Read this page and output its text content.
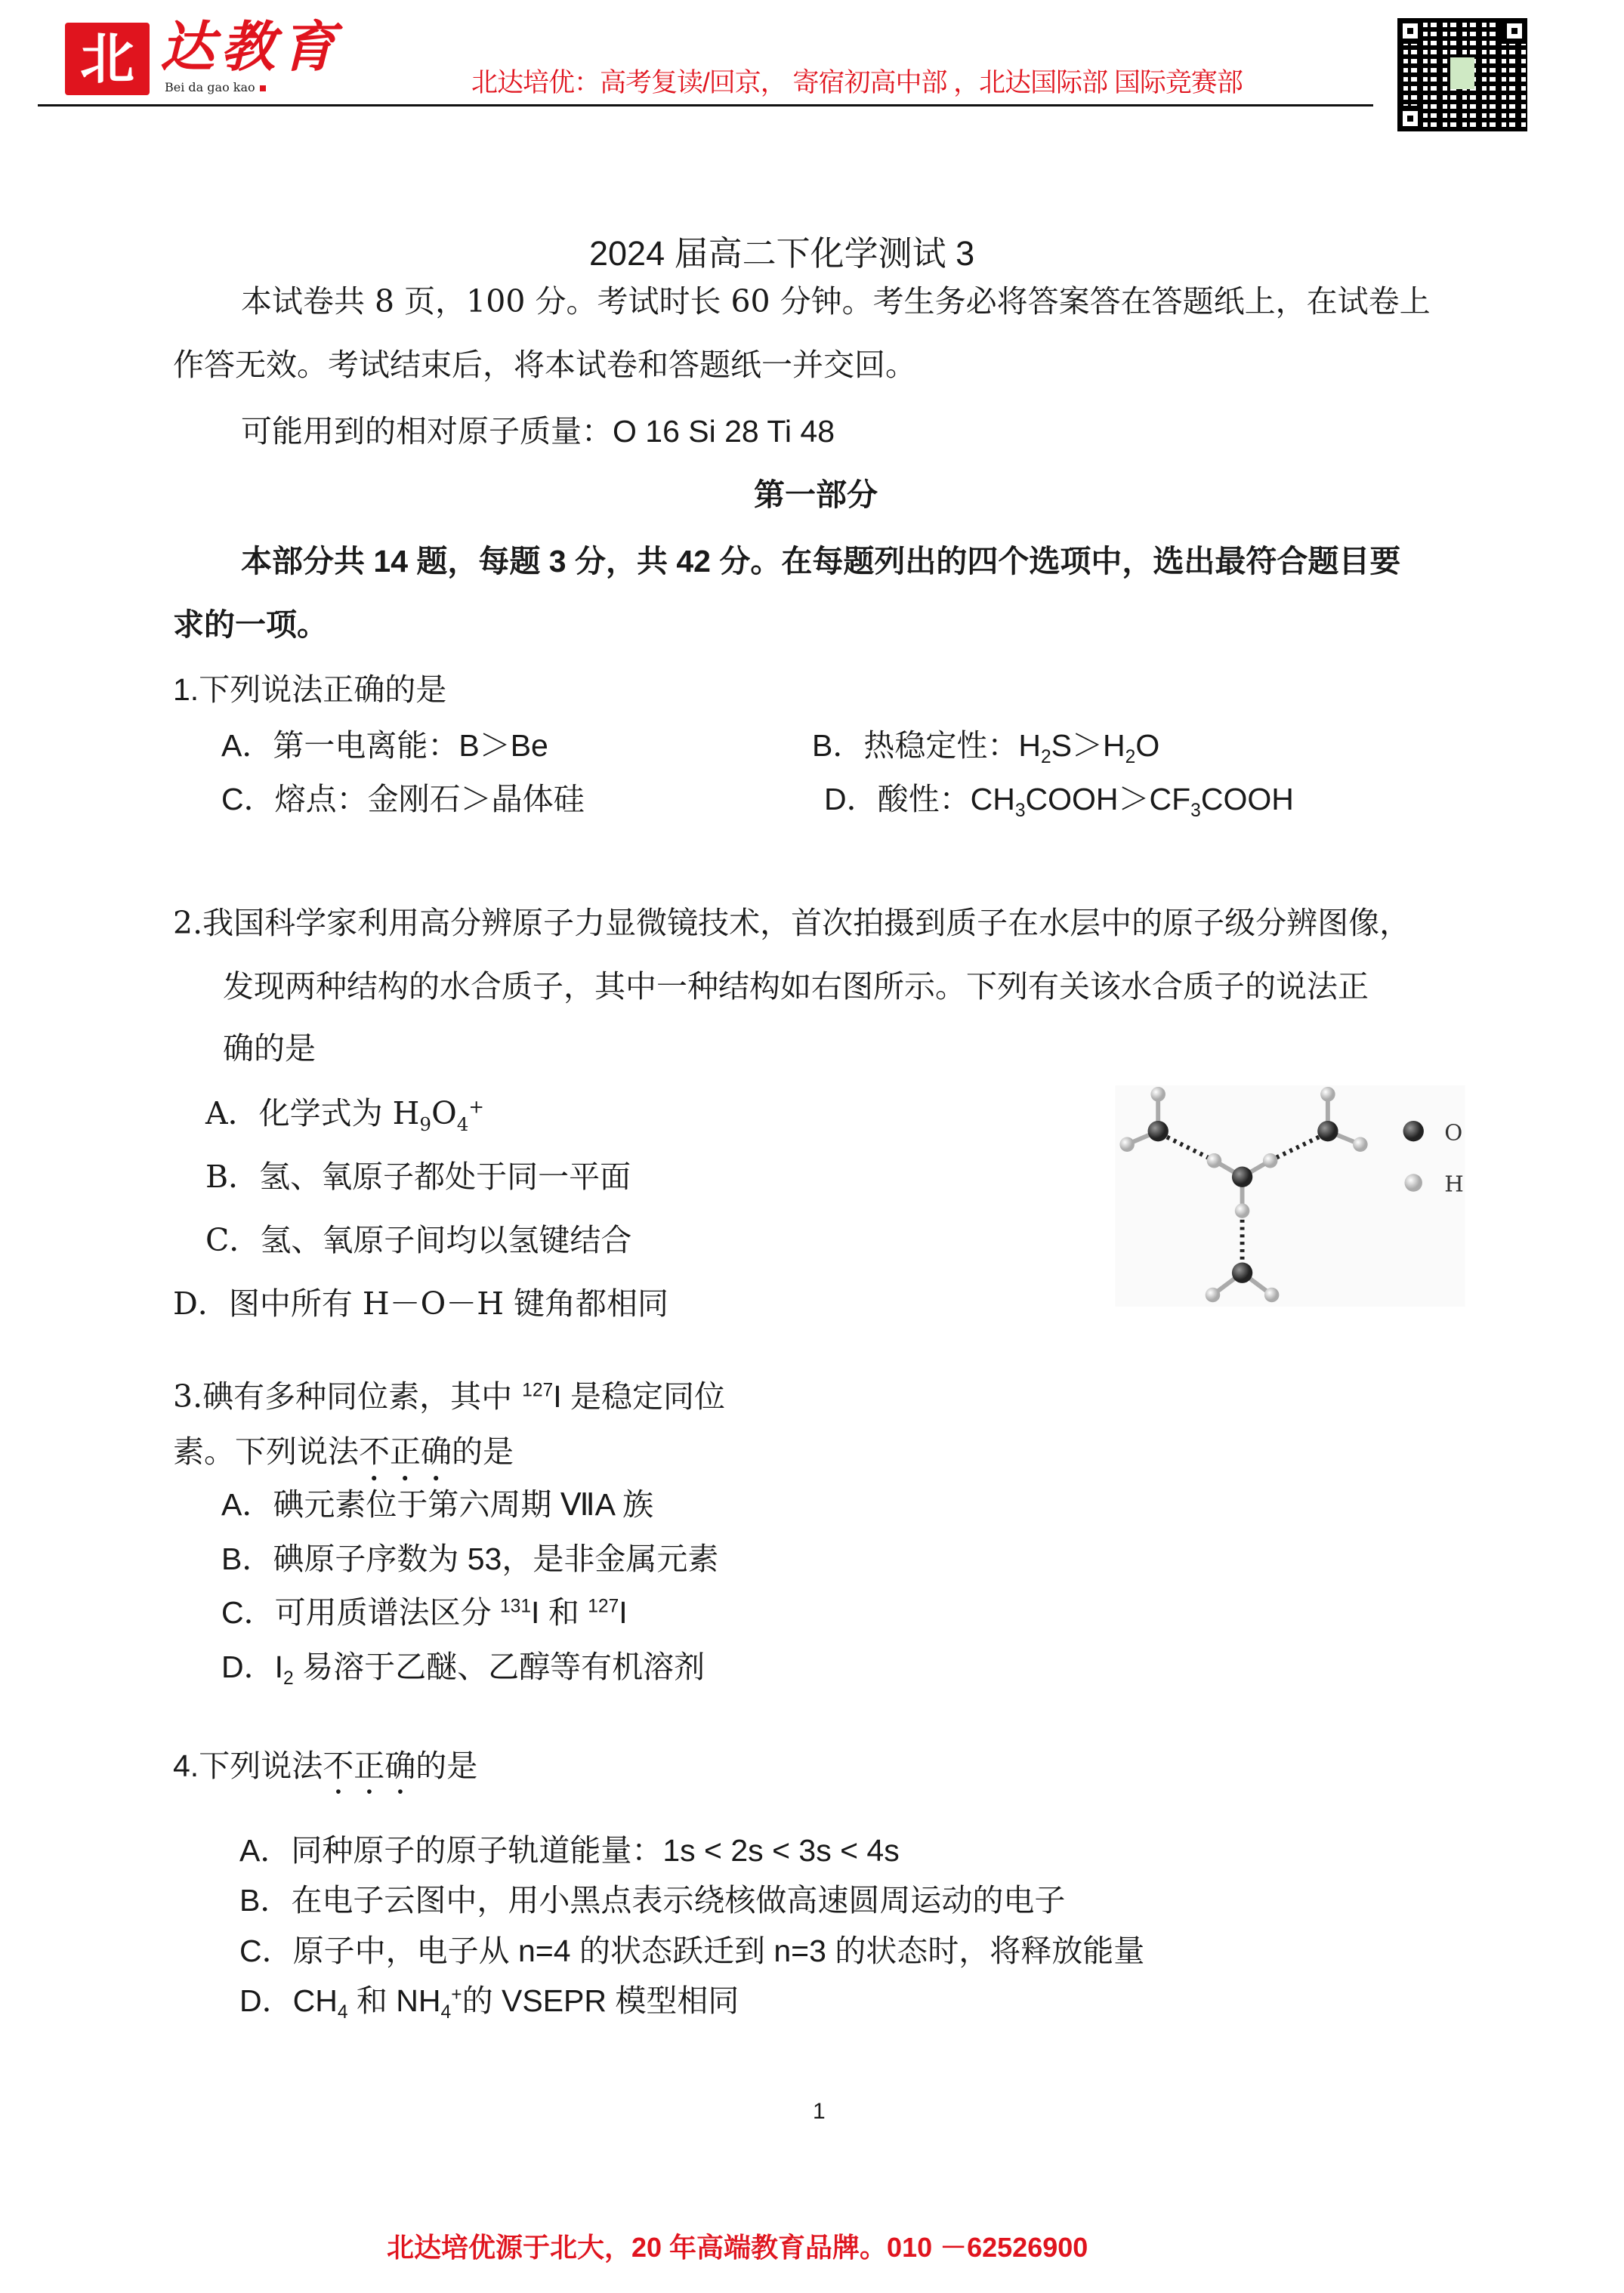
北 达教育
Bei da gao kao	北达培优：高考复读/回京， 寄宿初高中部 ，北达国际部 国际竞赛部
2024 届高二下化学测试 3
本试卷共 8 页，100 分。考试时长 60 分钟。考生务必将答案答在答题纸上，在试卷上
作答无效。考试结束后，将本试卷和答题纸一并交回。
可能用到的相对原子质量：O 16 Si 28 Ti 48
第一部分
本部分共 14 题，每题 3 分，共 42 分。在每题列出的四个选项中，选出最符合题目要
求的一项。
1.下列说法正确的是
A．第一电离能：B＞Be	B．热稳定性：$H_2S>H_2O$
C．熔点：金刚石＞晶体硅	D．酸性：$CH_3COOH>CF_3COOH$
2.我国科学家利用高分辨原子力显微镜技术，首次拍摄到质子在水层中的原子级分辨图像，
发现两种结构的水合质子，其中一种结构如右图所示。下列有关该水合质子的说法正
确的是
A．化学式为 $H_9O_4^+$
B．氢、氧原子都处于同一平面
C．氢、氧原子间均以氢键结合
D．图中所有 H－O－H 键角都相同
O
H
3.碘有多种同位素，其中 $^{127}$I 是稳定同位
素。下列说法不正确的是
A．碘元素位于第六周期 ⅦA 族
B．碘原子序数为 53，是非金属元素
C．可用质谱法区分 $^{131}$I 和 $^{127}$I
D．$I_2$ 易溶于乙醚、乙醇等有机溶剂
4.下列说法不正确的是
A．同种原子的原子轨道能量：1s < 2s < 3s < 4s
B．在电子云图中，用小黑点表示绕核做高速圆周运动的电子
C．原子中，电子从 n=4 的状态跃迁到 n=3 的状态时，将释放能量
D．$CH_4$ 和 $NH_4^+$的 VSEPR 模型相同
1
北达培优源于北大，20 年高端教育品牌。010 －62526900
